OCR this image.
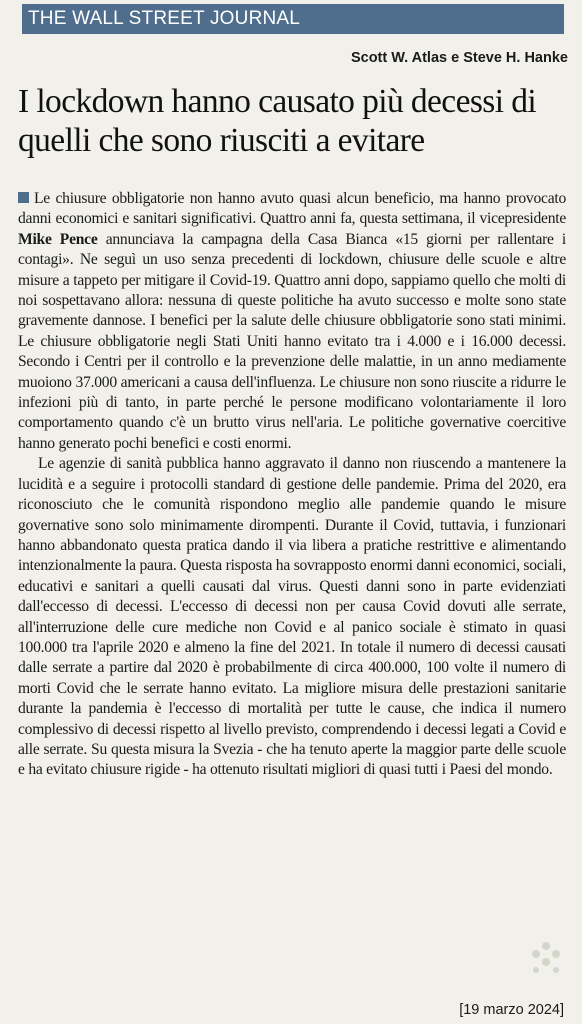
THE WALL STREET JOURNAL
Scott W. Atlas e Steve H. Hanke
I lockdown hanno causato più decessi di quelli che sono riusciti a evitare

Le chiusure obbligatorie non hanno avuto quasi alcun beneficio, ma hanno provocato danni economici e sanitari significativi. Quattro anni fa, questa settimana, il vicepresidente Mike Pence annunciava la campagna della Casa Bianca «15 giorni per rallentare i contagi». Ne seguì un uso senza precedenti di lockdown, chiusure delle scuole e altre misure a tappeto per mitigare il Covid-19. Quattro anni dopo, sappiamo quello che molti di noi sospettavano allora: nessuna di queste politiche ha avuto successo e molte sono state gravemente dannose. I benefici per la salute delle chiusure obbligatorie sono stati minimi. Le chiusure obbligatorie negli Stati Uniti hanno evitato tra i 4.000 e i 16.000 decessi. Secondo i Centri per il controllo e la prevenzione delle malattie, in un anno mediamente muoiono 37.000 americani a causa dell'influenza. Le chiusure non sono riuscite a ridurre le infezioni più di tanto, in parte perché le persone modificano volontariamente il loro comportamento quando c'è un brutto virus nell'aria. Le politiche governative coercitive hanno generato pochi benefici e costi enormi.

Le agenzie di sanità pubblica hanno aggravato il danno non riuscendo a mantenere la lucidità e a seguire i protocolli standard di gestione delle pandemie. Prima del 2020, era riconosciuto che le comunità rispondono meglio alle pandemie quando le misure governative sono solo minimamente dirompenti. Durante il Covid, tuttavia, i funzionari hanno abbandonato questa pratica dando il via libera a pratiche restrittive e alimentando intenzionalmente la paura. Questa risposta ha sovrapposto enormi danni economici, sociali, educativi e sanitari a quelli causati dal virus. Questi danni sono in parte evidenziati dall'eccesso di decessi. L'eccesso di decessi non per causa Covid dovuti alle serrate, all'interruzione delle cure mediche non Covid e al panico sociale è stimato in quasi 100.000 tra l'aprile 2020 e almeno la fine del 2021. In totale il numero di decessi causati dalle serrate a partire dal 2020 è probabilmente di circa 400.000, 100 volte il numero di morti Covid che le serrate hanno evitato. La migliore misura delle prestazioni sanitarie durante la pandemia è l'eccesso di mortalità per tutte le cause, che indica il numero complessivo di decessi rispetto al livello previsto, comprendendo i decessi legati a Covid e alle serrate. Su questa misura la Svezia - che ha tenuto aperte la maggior parte delle scuole e ha evitato chiusure rigide - ha ottenuto risultati migliori di quasi tutti i Paesi del mondo.

[19 marzo 2024]
